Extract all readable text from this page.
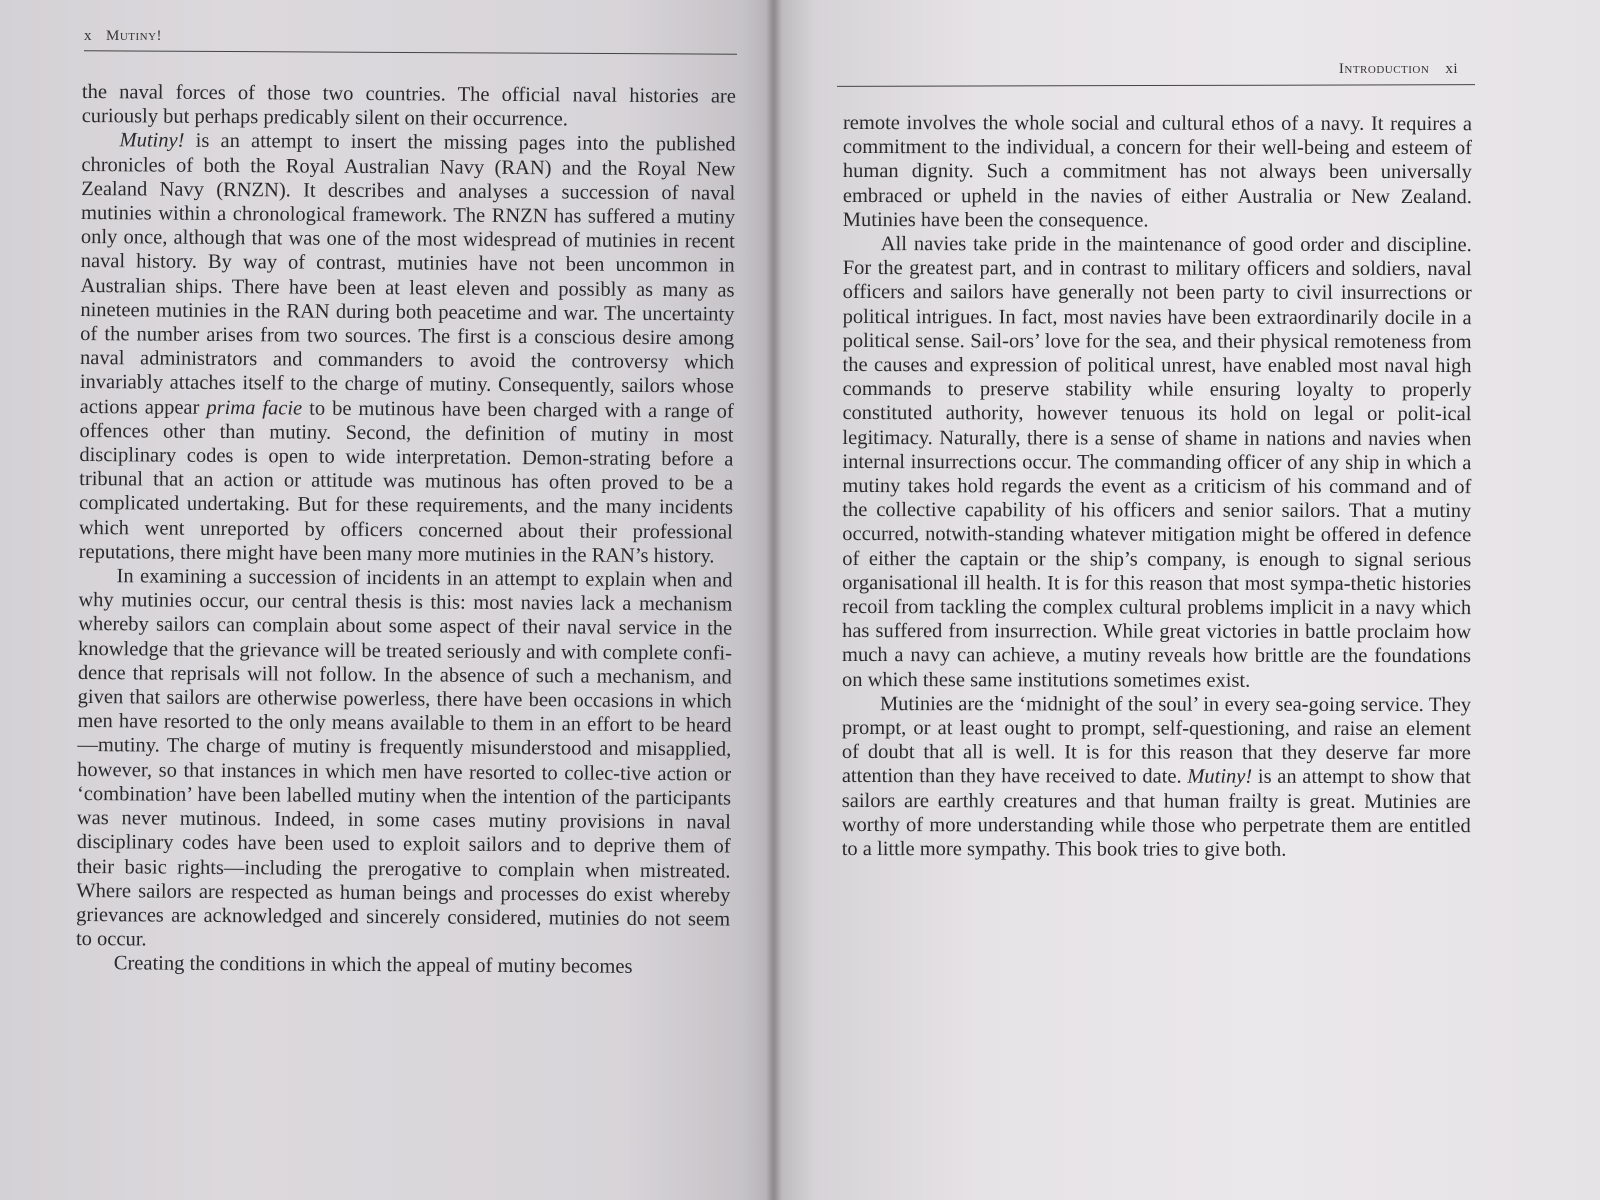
x Mutiny!

the naval forces of those two countries. The official naval histories are curiously but perhaps predicably silent on their occurrence.

Mutiny! is an attempt to insert the missing pages into the published chronicles of both the Royal Australian Navy (RAN) and the Royal New Zealand Navy (RNZN). It describes and analyses a succession of naval mutinies within a chronological framework. The RNZN has suffered a mutiny only once, although that was one of the most widespread of mutinies in recent naval history. By way of contrast, mutinies have not been uncommon in Australian ships. There have been at least eleven and possibly as many as nineteen mutinies in the RAN during both peacetime and war. The uncertainty of the number arises from two sources. The first is a conscious desire among naval administrators and commanders to avoid the controversy which invariably attaches itself to the charge of mutiny. Consequently, sailors whose actions appear prima facie to be mutinous have been charged with a range of offences other than mutiny. Second, the definition of mutiny in most disciplinary codes is open to wide interpretation. Demon-strating before a tribunal that an action or attitude was mutinous has often proved to be a complicated undertaking. But for these requirements, and the many incidents which went unreported by officers concerned about their professional reputations, there might have been many more mutinies in the RAN’s history.

In examining a succession of incidents in an attempt to explain when and why mutinies occur, our central thesis is this: most navies lack a mechanism whereby sailors can complain about some aspect of their naval service in the knowledge that the grievance will be treated seriously and with complete confi-dence that reprisals will not follow. In the absence of such a mechanism, and given that sailors are otherwise powerless, there have been occasions in which men have resorted to the only means available to them in an effort to be heard—mutiny. The charge of mutiny is frequently misunderstood and misapplied, however, so that instances in which men have resorted to collec-tive action or ‘combination’ have been labelled mutiny when the intention of the participants was never mutinous. Indeed, in some cases mutiny provisions in naval disciplinary codes have been used to exploit sailors and to deprive them of their basic rights—including the prerogative to complain when mistreated. Where sailors are respected as human beings and processes do exist whereby grievances are acknowledged and sincerely considered, mutinies do not seem to occur.

Creating the conditions in which the appeal of mutiny becomes

Introduction xi

remote involves the whole social and cultural ethos of a navy. It requires a commitment to the individual, a concern for their well-being and esteem of human dignity. Such a commitment has not always been universally embraced or upheld in the navies of either Australia or New Zealand. Mutinies have been the consequence.

All navies take pride in the maintenance of good order and discipline. For the greatest part, and in contrast to military officers and soldiers, naval officers and sailors have generally not been party to civil insurrections or political intrigues. In fact, most navies have been extraordinarily docile in a political sense. Sail-ors’ love for the sea, and their physical remoteness from the causes and expression of political unrest, have enabled most naval high commands to preserve stability while ensuring loyalty to properly constituted authority, however tenuous its hold on legal or polit-ical legitimacy. Naturally, there is a sense of shame in nations and navies when internal insurrections occur. The commanding officer of any ship in which a mutiny takes hold regards the event as a criticism of his command and of the collective capability of his officers and senior sailors. That a mutiny occurred, notwith-standing whatever mitigation might be offered in defence of either the captain or the ship’s company, is enough to signal serious organisational ill health. It is for this reason that most sympa-thetic histories recoil from tackling the complex cultural problems implicit in a navy which has suffered from insurrection. While great victories in battle proclaim how much a navy can achieve, a mutiny reveals how brittle are the foundations on which these same institutions sometimes exist.

Mutinies are the ‘midnight of the soul’ in every sea-going service. They prompt, or at least ought to prompt, self-questioning, and raise an element of doubt that all is well. It is for this reason that they deserve far more attention than they have received to date. Mutiny! is an attempt to show that sailors are earthly creatures and that human frailty is great. Mutinies are worthy of more understanding while those who perpetrate them are entitled to a little more sympathy. This book tries to give both.
